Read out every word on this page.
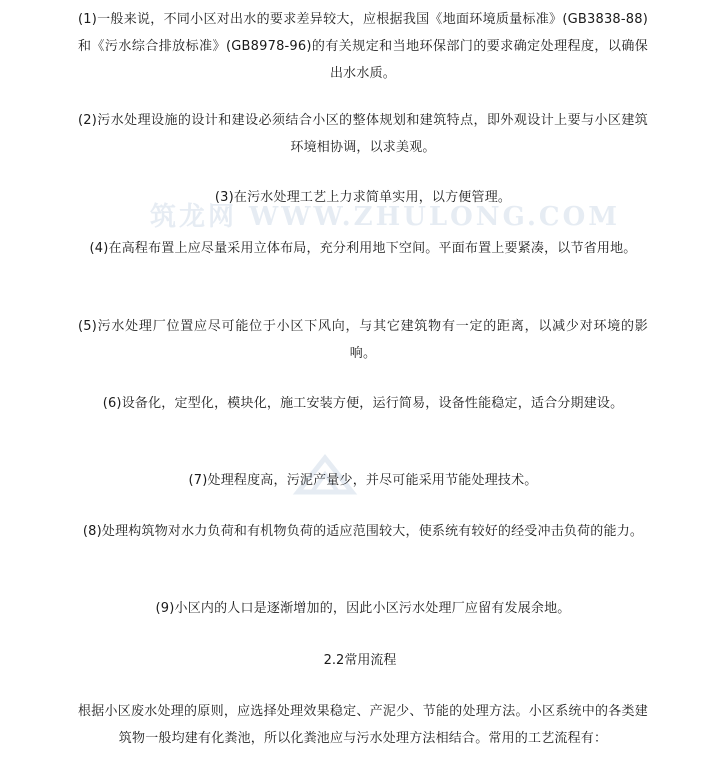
筑龙网 WWW.ZHULONG.COM

(1)一般来说，不同小区对出水的要求差异较大，应根据我国《地面环境质量标准》(GB3838-88)和《污水综合排放标准》(GB8978-96)的有关规定和当地环保部门的要求确定处理程度，以确保出水水质。

(2)污水处理设施的设计和建设必须结合小区的整体规划和建筑特点，即外观设计上要与小区建筑环境相协调，以求美观。

(3)在污水处理工艺上力求简单实用，以方便管理。

(4)在高程布置上应尽量采用立体布局，充分利用地下空间。平面布置上要紧凑，以节省用地。

(5)污水处理厂位置应尽可能位于小区下风向，与其它建筑物有一定的距离，以减少对环境的影响。

(6)设备化，定型化，模块化，施工安装方便，运行简易，设备性能稳定，适合分期建设。

(7)处理程度高，污泥产量少，并尽可能采用节能处理技术。

(8)处理构筑物对水力负荷和有机物负荷的适应范围较大，使系统有较好的经受冲击负荷的能力。

(9)小区内的人口是逐渐增加的，因此小区污水处理厂应留有发展余地。

2.2常用流程

根据小区废水处理的原则，应选择处理效果稳定、产泥少、节能的处理方法。小区系统中的各类建筑物一般均建有化粪池，所以化粪池应与污水处理方法相结合。常用的工艺流程有：
